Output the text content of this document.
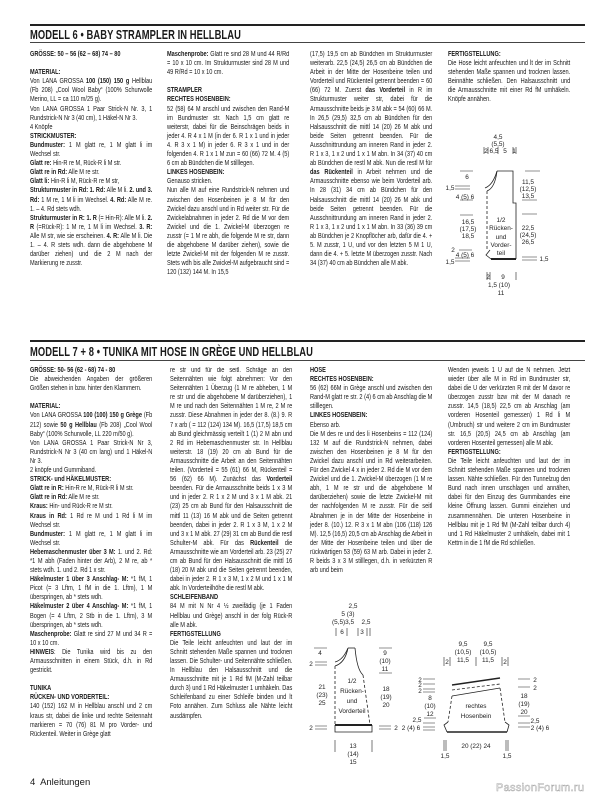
MODELL 6 • BABY STRAMPLER IN HELLBLAU

GRÖSSE: 50 – 56 (62 – 68) 74 – 80

MATERIAL:

Von LANA GROSSA 100 (150) 150 g Hellblau (Fb 208) „Cool Wool Baby“ (100% Schurwolle Merino, LL = ca 110 m/25 g).

Von LANA GROSSA 1 Paar Strick-N Nr. 3, 1 Rundstrick-N Nr 3 (40 cm), 1 Häkel-N Nr 3.

4 Knöpfe

STRICKMUSTER:

Bundmuster: 1 M glatt re, 1 M glatt li im Wechsel str.

Glatt re: Hin-R re M, Rück-R li M str.

Glatt re in Rd: Alle M re str.

Glatt li: Hin-R li M, Rück-R re M str,

Strukturmuster in Rd: 1. Rd: Alle M li. 2. und 3. Rd: 1 M re, 1 M li im Wechsel. 4. Rd: Alle M re. 1. – 4. Rd stets wdh.

Strukturmuster in R: 1. R (= Hin-R): Alle M li. 2. R (=Rück-R): 1 M re, 1 M li im Wechsel. 3. R: Alle M str, wie sie erscheinen. 4. R: Alle M li. Die 1. – 4. R stets wdh. dann die abgehobene M darüber ziehen) und die 2 M nach der Markierung re zusstr.

Maschenprobe: Glatt re sind 28 M und 44 R/Rd = 10 x 10 cm. Im Strukturmuster sind 28 M und 49 R/Rd = 10 x 10 cm.

STRAMPLER

RECHTES HOSENBEIN:

52 (58) 64 M anschl und zwischen den Rand-M im Bundmuster str. Nach 1,5 cm glatt re weiterstr, dabei für die Beinschrägen beids in jeder 4. R 4 x 1 M (in der 6. R 1 x 1 und in jeder 4. R 3 x 1 M) in jeder 6. R 3 x 1 und in der folgenden 4. R 1 x 1 M zun = 60 (66) 72 M. 4 (5) 6 cm ab Bündchen die M stilllegen.

LINKES HOSENBEIN:

Genauso stricken.

Nun alle M auf eine Rundstrick-N nehmen und zwischen den Hosenbeinen je 8 M für den Zwickel dazu anschl und in Rd weiter str. Für die Zwickelabnahmen in jeder 2. Rd die M vor dem Zwickel und die 1. Zwickel-M überzogen re zusstr (= 1 M re abh, die folgende M re str, dann die abgehobene M darüber ziehen), sowie die letzte Zwickel-M mit der folgenden M re zusstr. Stets wdh bis alle Zwickel-M aufgebraucht sind = 120 (132) 144 M. In 15,5

(17,5) 19,5 cm ab Bündchen im Strukturmuster weiterarb. 22,5 (24,5) 26,5 cm ab Bündchen die Arbeit in der Mitte der Hosenbeine teilen und Vorderteil und Rückenteil getrennt beenden = 60 (66) 72 M. Zuerst das Vorderteil in R im Strukturmuster weiter str, dabei für die Armausschnitte beids je 3 M abk = 54 (60) 66 M. In 26,5 (29,5) 32,5 cm ab Bündchen für den Halsausschnitt die mittl 14 (20) 26 M abk und beide Seiten getrennt beenden. Für die Ausschnittrundung am inneren Rand in jeder 2. R 1 x 3, 1 x 2 und 1 x 1 M abn. In 34 (37) 40 cm ab Bündchen die restl M abk. Nun die restl M für das Rückenteil in Arbeit nehmen und die Armausschnitte ebenso wie beim Vorderteil arb. In 28 (31) 34 cm ab Bündchen für den Halsausschnitt die mittl 14 (20) 26 M abk und beide Seiten getrennt beenden. Für die Ausschnittrundung am inneren Rand in jeder 2. R 1 x 3, 1 x 2 und 1 x 1 M abn. In 33 (36) 39 cm ab Bündchen je 2 Knopflöcher arb, dafür die 4. + 5. M zusstr, 1 U, und vor den letzten 5 M 1 U, dann die 4. + 5. letzte M überzogen zusstr. Nach 34 (37) 40 cm ab Bündchen alle M abk.

FERTIGSTELLUNG:

Die Hose leicht anfeuchten und lt der im Schnitt stehenden Maße spannen und trocknen lassen. Beinnähte schließen. Den Halsausschnitt und die Armausschnitte mit einer Rd fM umhäkeln. Knöpfe annähen.

MODELL 7 + 8 • TUNIKA MIT HOSE IN GRÈGE UND HELLBLAU

GRÖSSE: 50- 56 (62 - 68) 74 - 80

Die abweichenden Angaben der größeren Größen stehen in bzw. hinter den Klammern.

MATERIAL:

Von LANA GROSSA 100 (100) 150 g Grège (Fb 212) sowie 50 g Hellblau (Fb 208) „Cool Wool Baby“ (100% Schurwolle, LL 220 m/50 g).

Von LANA GROSSA 1 Paar Strick-N Nr 3, Rundstrick-N Nr 3 (40 cm lang) und 1 Häkel-N Nr 3.

2 knöpfe und Gummiband.

STRICK- und HÄKELMUSTER:

Glatt re in R: Hin-R re M, Rück-R li M str.

Glatt re in Rd: Alle M re str.

Kraus: Hin- und Rück-R re M str.

Kraus in Rd: 1 Rd re M und 1 Rd li M im Wechsel str.

Bundmuster: 1 M glatt re, 1 M glatt li im Wechsel str.

Hebemaschenmuster über 3 M: 1. und 2. Rd: *1 M abh (Faden hinter der Arb), 2 M re, ab * stets wdh. 1. und 2. Rd 1 x str.

Häkelmuster 1 über 3 Anschlag- M: *1 fM, 1 Picot (= 3 Lftm, 1 fM in die 1. Lftm), 1 M überspringen, ab * stets wdh.

Häkelmuster 2 über 4 Anschlag- M: *1 fM, 1 Bogen (= 4 Lftm, 2 Stb in die 1. Lftm), 3 M überspringen, ab * stets wdh.

Maschenprobe: Glatt re sind 27 M und 34 R = 10 x 10 cm.

HINWEIS: Die Tunika wird bis zu den Armausschnitten in einem Stück, d.h. in Rd gestrickt.

TUNIKA

RÜCKEN- UND VORDERTEIL:

140 (152) 162 M in Hellblau anschl und 2 cm kraus str, dabei die linke und rechte Seitennaht markieren = 70 (76) 81 M pro Vorder- und Rückenteil. Weiter in Grège glatt

re str und für die seitl. Schräge an den Seitennähten wie folgt abnehmen: Vor den Seitennähten 1 Überzug (1 M re abheben, 1 M re str und die abgehobene M darüberziehen), 1 M re und nach den Seitennähten 1 M re, 2 M re zusstr. Diese Abnahmen in jeder der 8. (8.) 9. R 7 x arb ( = 112 (124) 134 M). 16,5 (17,5) 18,5 cm ab Bund gleichmässig verteilt 1 (1) 2 M abn und 2 Rd im Hebemaschenmuster str. In Hellblau weiterstr. 18 (19) 20 cm ab Bund für die Armausschnitte die Arbeit an den Seitennähten teilen. (Vorderteil = 55 (61) 66 M, Rückenteil = 56 (62) 66 M). Zunächst das Vorderteil beenden. Für die Armausschnitte beids 1 x 3 M und in jeder 2. R 1 x 2 M und 3 x 1 M abk. 21 (23) 25 cm ab Bund für den Halsausschnitt die mittl 11 (13) 16 M abk und die Seiten getrennt beenden, dabei in jeder 2. R 1 x 3 M, 1 x 2 M und 3 x 1 M abk. 27 (29) 31 cm ab Bund die restl Schulter-M abk. Für das Rückenteil die Armausschnitte wie am Vorderteil arb. 23 (25) 27 cm ab Bund für den Halsausschnitt die mittl 16 (18) 20 M abk und die Seiten getrennt beenden, dabei in jeder 2. R 1 x 3 M, 1 x 2 M und 1 x 1 M abk. In Vorderteilhöhe die restl M abk.

SCHLEIFENBAND

84 M mit N Nr 4 ½ zweifädig (je 1 Faden Hellblau und Grège) anschl in der folg Rück-R alle M abk.

FERTIGSTELLUNG

Die Teile leicht anfeuchten und laut der im Schnitt stehenden Maße spannen und trocknen lassen. Die Schulter- und Seitennähte schließen. In Hellblau den Halsausschnitt und die Armausschnitte mit je 1 Rd fM (M-Zahl teilbar durch 3) und 1 Rd Häkelmuster 1 umhäkeln. Das Schleifenband zu einer Schleife binden und lt Foto annähen. Zum Schluss alle Nähte leicht ausdämpfen.

HOSE

RECHTES HOSENBEIN:

56 (62) 66M in Grège anschl und zwischen den Rand-M glatt re str. 2 (4) 6 cm ab Anschlag die M stilllegen.

LINKES HOSENBEIN:

Ebenso arb.

Die M des re und des li Hosenbeins = 112 (124) 132 M auf die Rundstrick-N nehmen, dabei zwischen den Hosenbeinen je 8 M für den Zwickel dazu anschl und in Rd weiterarbeiten. Für den Zwickel 4 x in jeder 2. Rd die M vor dem Zwickel und die 1. Zwickel-M überzogen (1 M re abh, 1 M re str und die abgehobene M darüberziehen) sowie die letzte Zwickel-M mit der nachfolgenden M re zusstr. Für die seitl Abnahmen je in der Mitte der Hosenbeine in jeder 8. (10.) 12. R 3 x 1 M abn (106 (118) 126 M). 12,5 (16,5) 20,5 cm ab Anschlag die Arbeit in der Mitte der Hosenbeine teilen und über die rückwärtigen 53 (59) 63 M arb. Dabei in jeder 2. R beids 3 x 3 M stilllegen, d.h. in verkürzten R arb und beim

Wenden jeweils 1 U auf die N nehmen. Jetzt wieder über alle M in Rd im Bundmuster str, dabei die U der verkürzten R mit der M davor re überzogen zusstr bzw mit der M danach re zusstr. 14,5 (18,5) 22,5 cm ab Anschlag (am vorderen Hosenteil gemessen) 1 Rd li M (Umbruch) str und weitere 2 cm im Bundmuster str. 16,5 (20,5) 24,5 cm ab Anschlag (am vorderen Hosenteil gemessen) alle M abk.

FERTIGSTELLUNG:

Die Teile leicht anfeuchten und laut der im Schnitt stehenden Maße spannen und trocknen lassen. Nähte schließen. Für den Tunnelzug den Bund nach innen umschlagen und annähen, dabei für den Einzug des Gummibandes eine kleine Öffnung lassen. Gummi einziehen und zusammennähen. Die unteren Hosenbeine in Hellblau mit je 1 Rd fM (M-Zahl teilbar durch 4) und 1 Rd Häkelmuster 2 umhäkeln, dabei mit 1 Kettm in die 1 fM die Rd schließen.

4,5
(5,5)
2 6,5 5 1
6
1,5
4 (5) 6
16,5
(17,5)
18,5
2
4 (5) 6
1,5
11,5
(12,5)
13,5
22,5
(24,5)
26,5
1,5
1/2
Rücken-
und
Vorder-
teil
2 9
1,5 (10)
11
2,5
5 (3)
(5,5)3,5 2,5
6	3
4
2
21
(23)
25
2
9
(10)
11
18
(19)
20
2
1/2
Rücken-
und
Vorderteil
13
(14)
15
9,5
(10,5)
11,5
9,5
(10,5)
11,5
2	2
2
2
2
8
(10)
12
2,5
2 (4) 6
2
2
18
(19)
20
2,5
2 (4) 6
rechtes
Hosenbein
20 (22) 24
1,5	1,5
4 Anleitungen	PassionForum.ru
